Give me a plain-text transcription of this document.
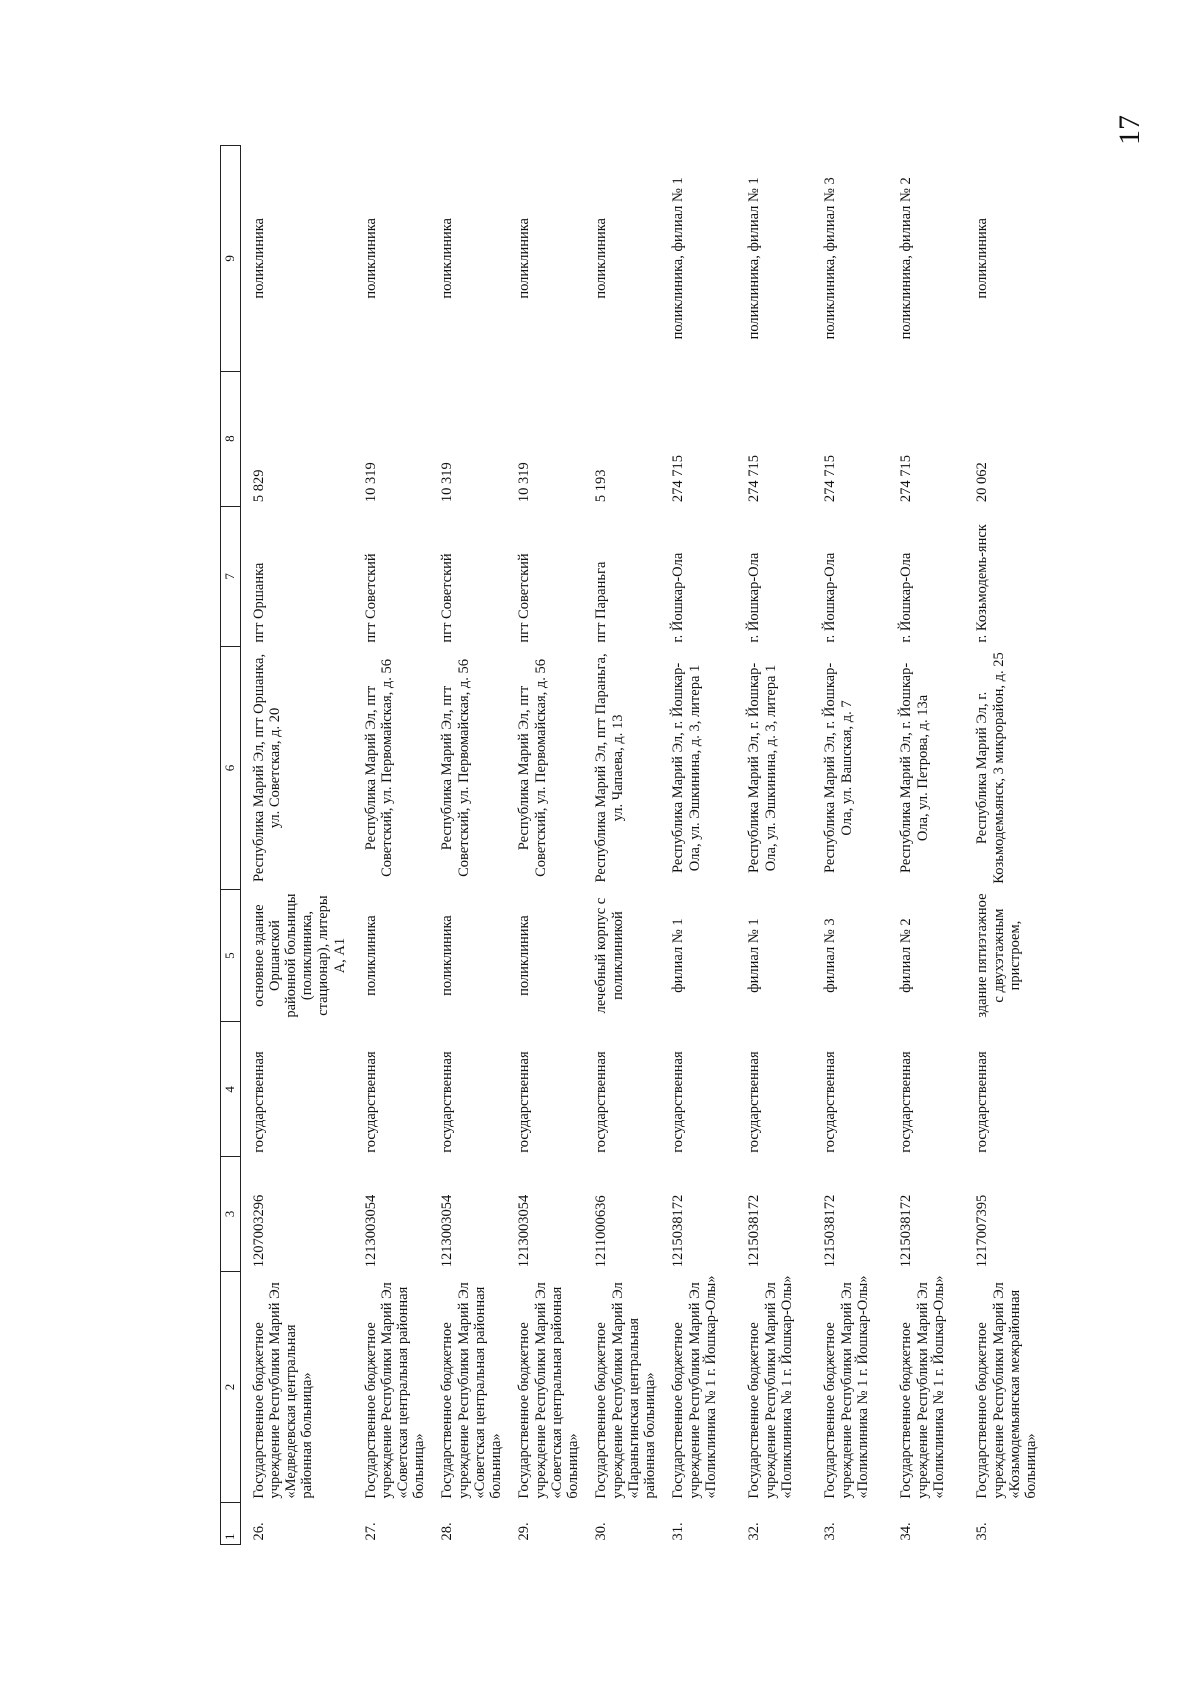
17
1	2	3	4	5	6	7	8	9
26.	Государственное бюджетное учреждение Республики Марий Эл «Медведевская центральная районная больница»	1207003296	государственная	основное здание Оршанской районной больницы (поликлиника, стационар), литеры А, А1	Республика Марий Эл, пгт Оршанка, ул. Советская, д. 20	пгт Оршанка	5 829	поликлиника
27.	Государственное бюджетное учреждение Республики Марий Эл «Советская центральная районная больница»	1213003054	государственная	поликлиника	Республика Марий Эл, пгт Советский, ул. Первомайская, д. 56	пгт Советский	10 319	поликлиника
28.	Государственное бюджетное учреждение Республики Марий Эл «Советская центральная районная больница»	1213003054	государственная	поликлиника	Республика Марий Эл, пгт Советский, ул. Первомайская, д. 56	пгт Советский	10 319	поликлиника
29.	Государственное бюджетное учреждение Республики Марий Эл «Советская центральная районная больница»	1213003054	государственная	поликлиника	Республика Марий Эл, пгт Советский, ул. Первомайская, д. 56	пгт Советский	10 319	поликлиника
30.	Государственное бюджетное учреждение Республики Марий Эл «Параньгинская центральная районная больница»	1211000636	государственная	лечебный корпус с поликлиникой	Республика Марий Эл, пгт Параньга, ул. Чапаева, д. 13	пгт Параньга	5 193	поликлиника
31.	Государственное бюджетное учреждение Республики Марий Эл «Поликлиника № 1 г. Йошкар-Олы»	1215038172	государственная	филиал № 1	Республика Марий Эл, г. Йошкар-Ола, ул. Эшкинина, д. 3, литера 1	г. Йошкар-Ола	274 715	поликлиника, филиал № 1
32.	Государственное бюджетное учреждение Республики Марий Эл «Поликлиника № 1 г. Йошкар-Олы»	1215038172	государственная	филиал № 1	Республика Марий Эл, г. Йошкар-Ола, ул. Эшкинина, д. 3, литера 1	г. Йошкар-Ола	274 715	поликлиника, филиал № 1
33.	Государственное бюджетное учреждение Республики Марий Эл «Поликлиника № 1 г. Йошкар-Олы»	1215038172	государственная	филиал № 3	Республика Марий Эл, г. Йошкар-Ола, ул. Вашская, д. 7	г. Йошкар-Ола	274 715	поликлиника, филиал № 3
34.	Государственное бюджетное учреждение Республики Марий Эл «Поликлиника № 1 г. Йошкар-Олы»	1215038172	государственная	филиал № 2	Республика Марий Эл, г. Йошкар-Ола, ул. Петрова, д. 13а	г. Йошкар-Ола	274 715	поликлиника, филиал № 2
35.	Государственное бюджетное учреждение Республики Марий Эл «Козьмодемьянская межрайонная больница»	1217007395	государственная	здание пятиэтажное с двухэтажным пристроем,	Республика Марий Эл, г. Козьмодемьянск, 3 микрорайон, д. 25	г. Козьмодемь-янск	20 062	поликлиника
